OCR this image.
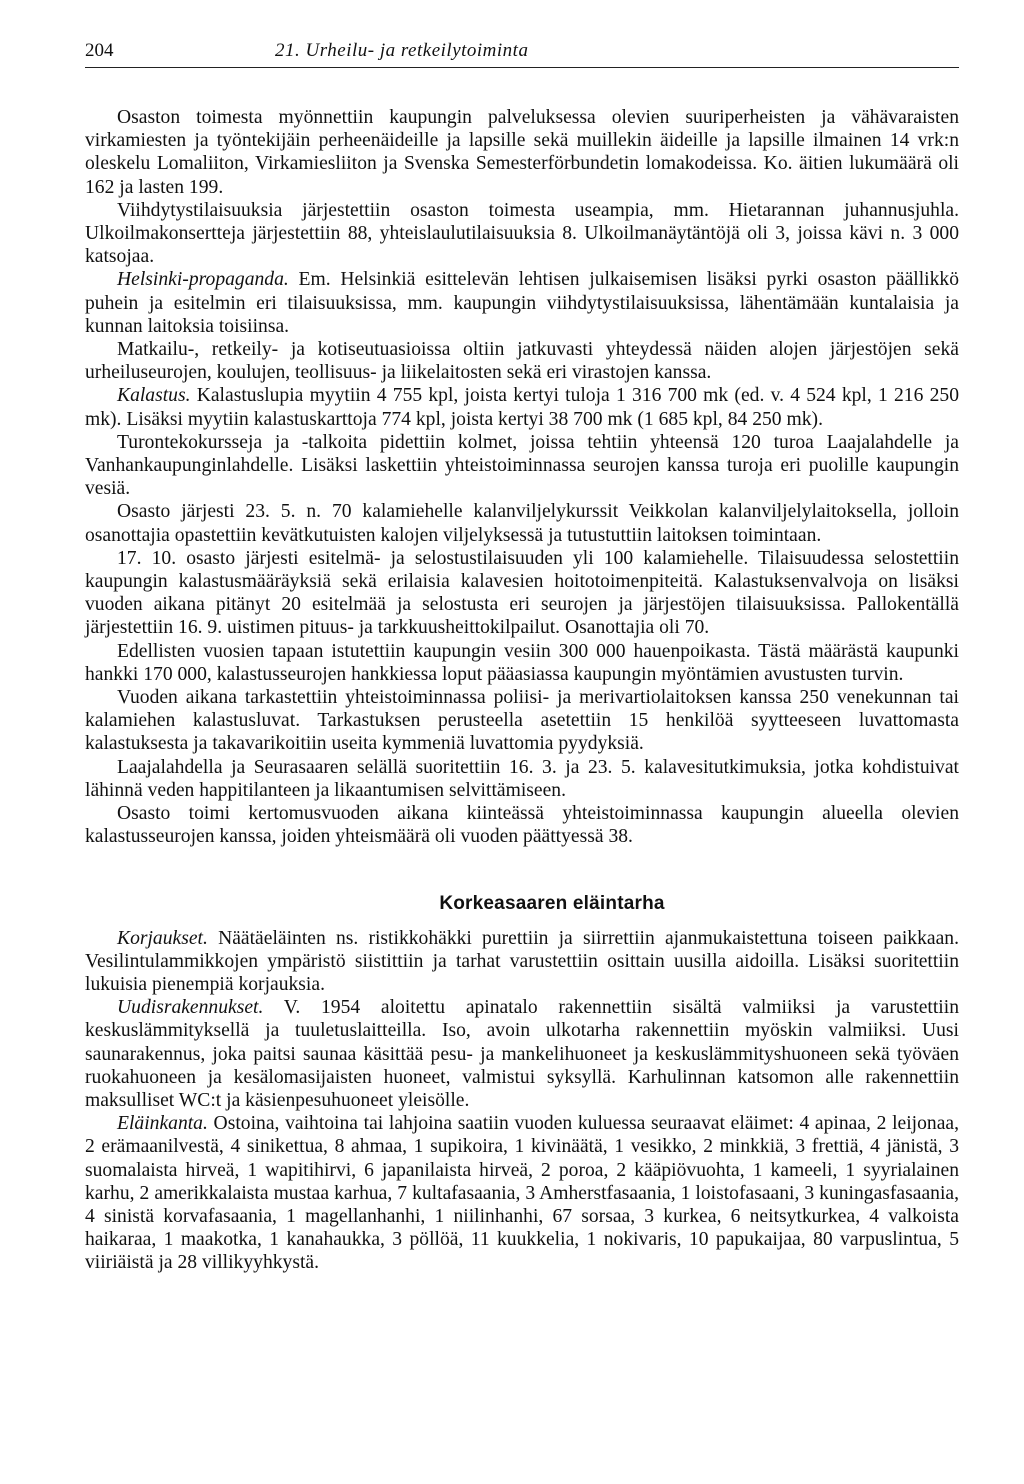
204	21. Urheilu- ja retkeilytoiminta

Osaston toimesta myönnettiin kaupungin palveluksessa olevien suuriperheisten ja vähävaraisten virkamiesten ja työntekijäin perheenäideille ja lapsille sekä muillekin äideille ja lapsille ilmainen 14 vrk:n oleskelu Lomaliiton, Virkamiesliiton ja Svenska Semesterförbundetin lomakodeissa. Ko. äitien lukumäärä oli 162 ja lasten 199.

Viihdytystilaisuuksia järjestettiin osaston toimesta useampia, mm. Hietarannan juhannusjuhla. Ulkoilmakonsertteja järjestettiin 88, yhteislaulutilaisuuksia 8. Ulkoilmanäytäntöjä oli 3, joissa kävi n. 3 000 katsojaa.

Helsinki-propaganda. Em. Helsinkiä esittelevän lehtisen julkaisemisen lisäksi pyrki osaston päällikkö puhein ja esitelmin eri tilaisuuksissa, mm. kaupungin viihdytystilaisuuksissa, lähentämään kuntalaisia ja kunnan laitoksia toisiinsa.

Matkailu-, retkeily- ja kotiseutuasioissa oltiin jatkuvasti yhteydessä näiden alojen järjestöjen sekä urheiluseurojen, koulujen, teollisuus- ja liikelaitosten sekä eri virastojen kanssa.

Kalastus. Kalastuslupia myytiin 4 755 kpl, joista kertyi tuloja 1 316 700 mk (ed. v. 4 524 kpl, 1 216 250 mk). Lisäksi myytiin kalastuskarttoja 774 kpl, joista kertyi 38 700 mk (1 685 kpl, 84 250 mk).

Turontekokursseja ja -talkoita pidettiin kolmet, joissa tehtiin yhteensä 120 turoa Laajalahdelle ja Vanhankaupunginlahdelle. Lisäksi laskettiin yhteistoiminnassa seurojen kanssa turoja eri puolille kaupungin vesiä.

Osasto järjesti 23. 5. n. 70 kalamiehelle kalanviljelykurssit Veikkolan kalanviljelylaitoksella, jolloin osanottajia opastettiin kevätkutuisten kalojen viljelyksessä ja tutustuttiin laitoksen toimintaan.

17. 10. osasto järjesti esitelmä- ja selostustilaisuuden yli 100 kalamiehelle. Tilaisuudessa selostettiin kaupungin kalastusmääräyksiä sekä erilaisia kalavesien hoitotoimenpiteitä. Kalastuksenvalvoja on lisäksi vuoden aikana pitänyt 20 esitelmää ja selostusta eri seurojen ja järjestöjen tilaisuuksissa. Pallokentällä järjestettiin 16. 9. uistimen pituus- ja tarkkuusheittokilpailut. Osanottajia oli 70.

Edellisten vuosien tapaan istutettiin kaupungin vesiin 300 000 hauenpoikasta. Tästä määrästä kaupunki hankki 170 000, kalastusseurojen hankkiessa loput pääasiassa kaupungin myöntämien avustusten turvin.

Vuoden aikana tarkastettiin yhteistoiminnassa poliisi- ja merivartiolaitoksen kanssa 250 venekunnan tai kalamiehen kalastusluvat. Tarkastuksen perusteella asetettiin 15 henkilöä syytteeseen luvattomasta kalastuksesta ja takavarikoitiin useita kymmeniä luvattomia pyydyksiä.

Laajalahdella ja Seurasaaren selällä suoritettiin 16. 3. ja 23. 5. kalavesitutkimuksia, jotka kohdistuivat lähinnä veden happitilanteen ja likaantumisen selvittämiseen.

Osasto toimi kertomusvuoden aikana kiinteässä yhteistoiminnassa kaupungin alueella olevien kalastusseurojen kanssa, joiden yhteismäärä oli vuoden päättyessä 38.

Korkeasaaren eläintarha

Korjaukset. Näätäeläinten ns. ristikkohäkki purettiin ja siirrettiin ajanmukaistettuna toiseen paikkaan. Vesilintulammikkojen ympäristö siistittiin ja tarhat varustettiin osittain uusilla aidoilla. Lisäksi suoritettiin lukuisia pienempiä korjauksia.

Uudisrakennukset. V. 1954 aloitettu apinatalo rakennettiin sisältä valmiiksi ja varustettiin keskuslämmityksellä ja tuuletuslaitteilla. Iso, avoin ulkotarha rakennettiin myöskin valmiiksi. Uusi saunarakennus, joka paitsi saunaa käsittää pesu- ja mankelihuoneet ja keskuslämmityshuoneen sekä työväen ruokahuoneen ja kesälomasijaisten huoneet, valmistui syksyllä. Karhulinnan katsomon alle rakennettiin maksulliset WC:t ja käsienpesuhuoneet yleisölle.

Eläinkanta. Ostoina, vaihtoina tai lahjoina saatiin vuoden kuluessa seuraavat eläimet: 4 apinaa, 2 leijonaa, 2 erämaanilvestä, 4 sinikettua, 8 ahmaa, 1 supikoira, 1 kivinäätä, 1 vesikko, 2 minkkiä, 3 frettiä, 4 jänistä, 3 suomalaista hirveä, 1 wapitihirvi, 6 japanilaista hirveä, 2 poroa, 2 kääpiövuohta, 1 kameeli, 1 syyrialainen karhu, 2 amerikkalaista mustaa karhua, 7 kultafasaania, 3 Amherstfasaania, 1 loistofasaani, 3 kuningasfasaania, 4 sinistä korvafasaania, 1 magellanhanhi, 1 niilinhanhi, 67 sorsaa, 3 kurkea, 6 neitsytkurkea, 4 valkoista haikaraa, 1 maakotka, 1 kanahaukka, 3 pöllöä, 11 kuukkelia, 1 nokivaris, 10 papukaijaa, 80 varpuslintua, 5 viiriäistä ja 28 villikyyhkystä.
